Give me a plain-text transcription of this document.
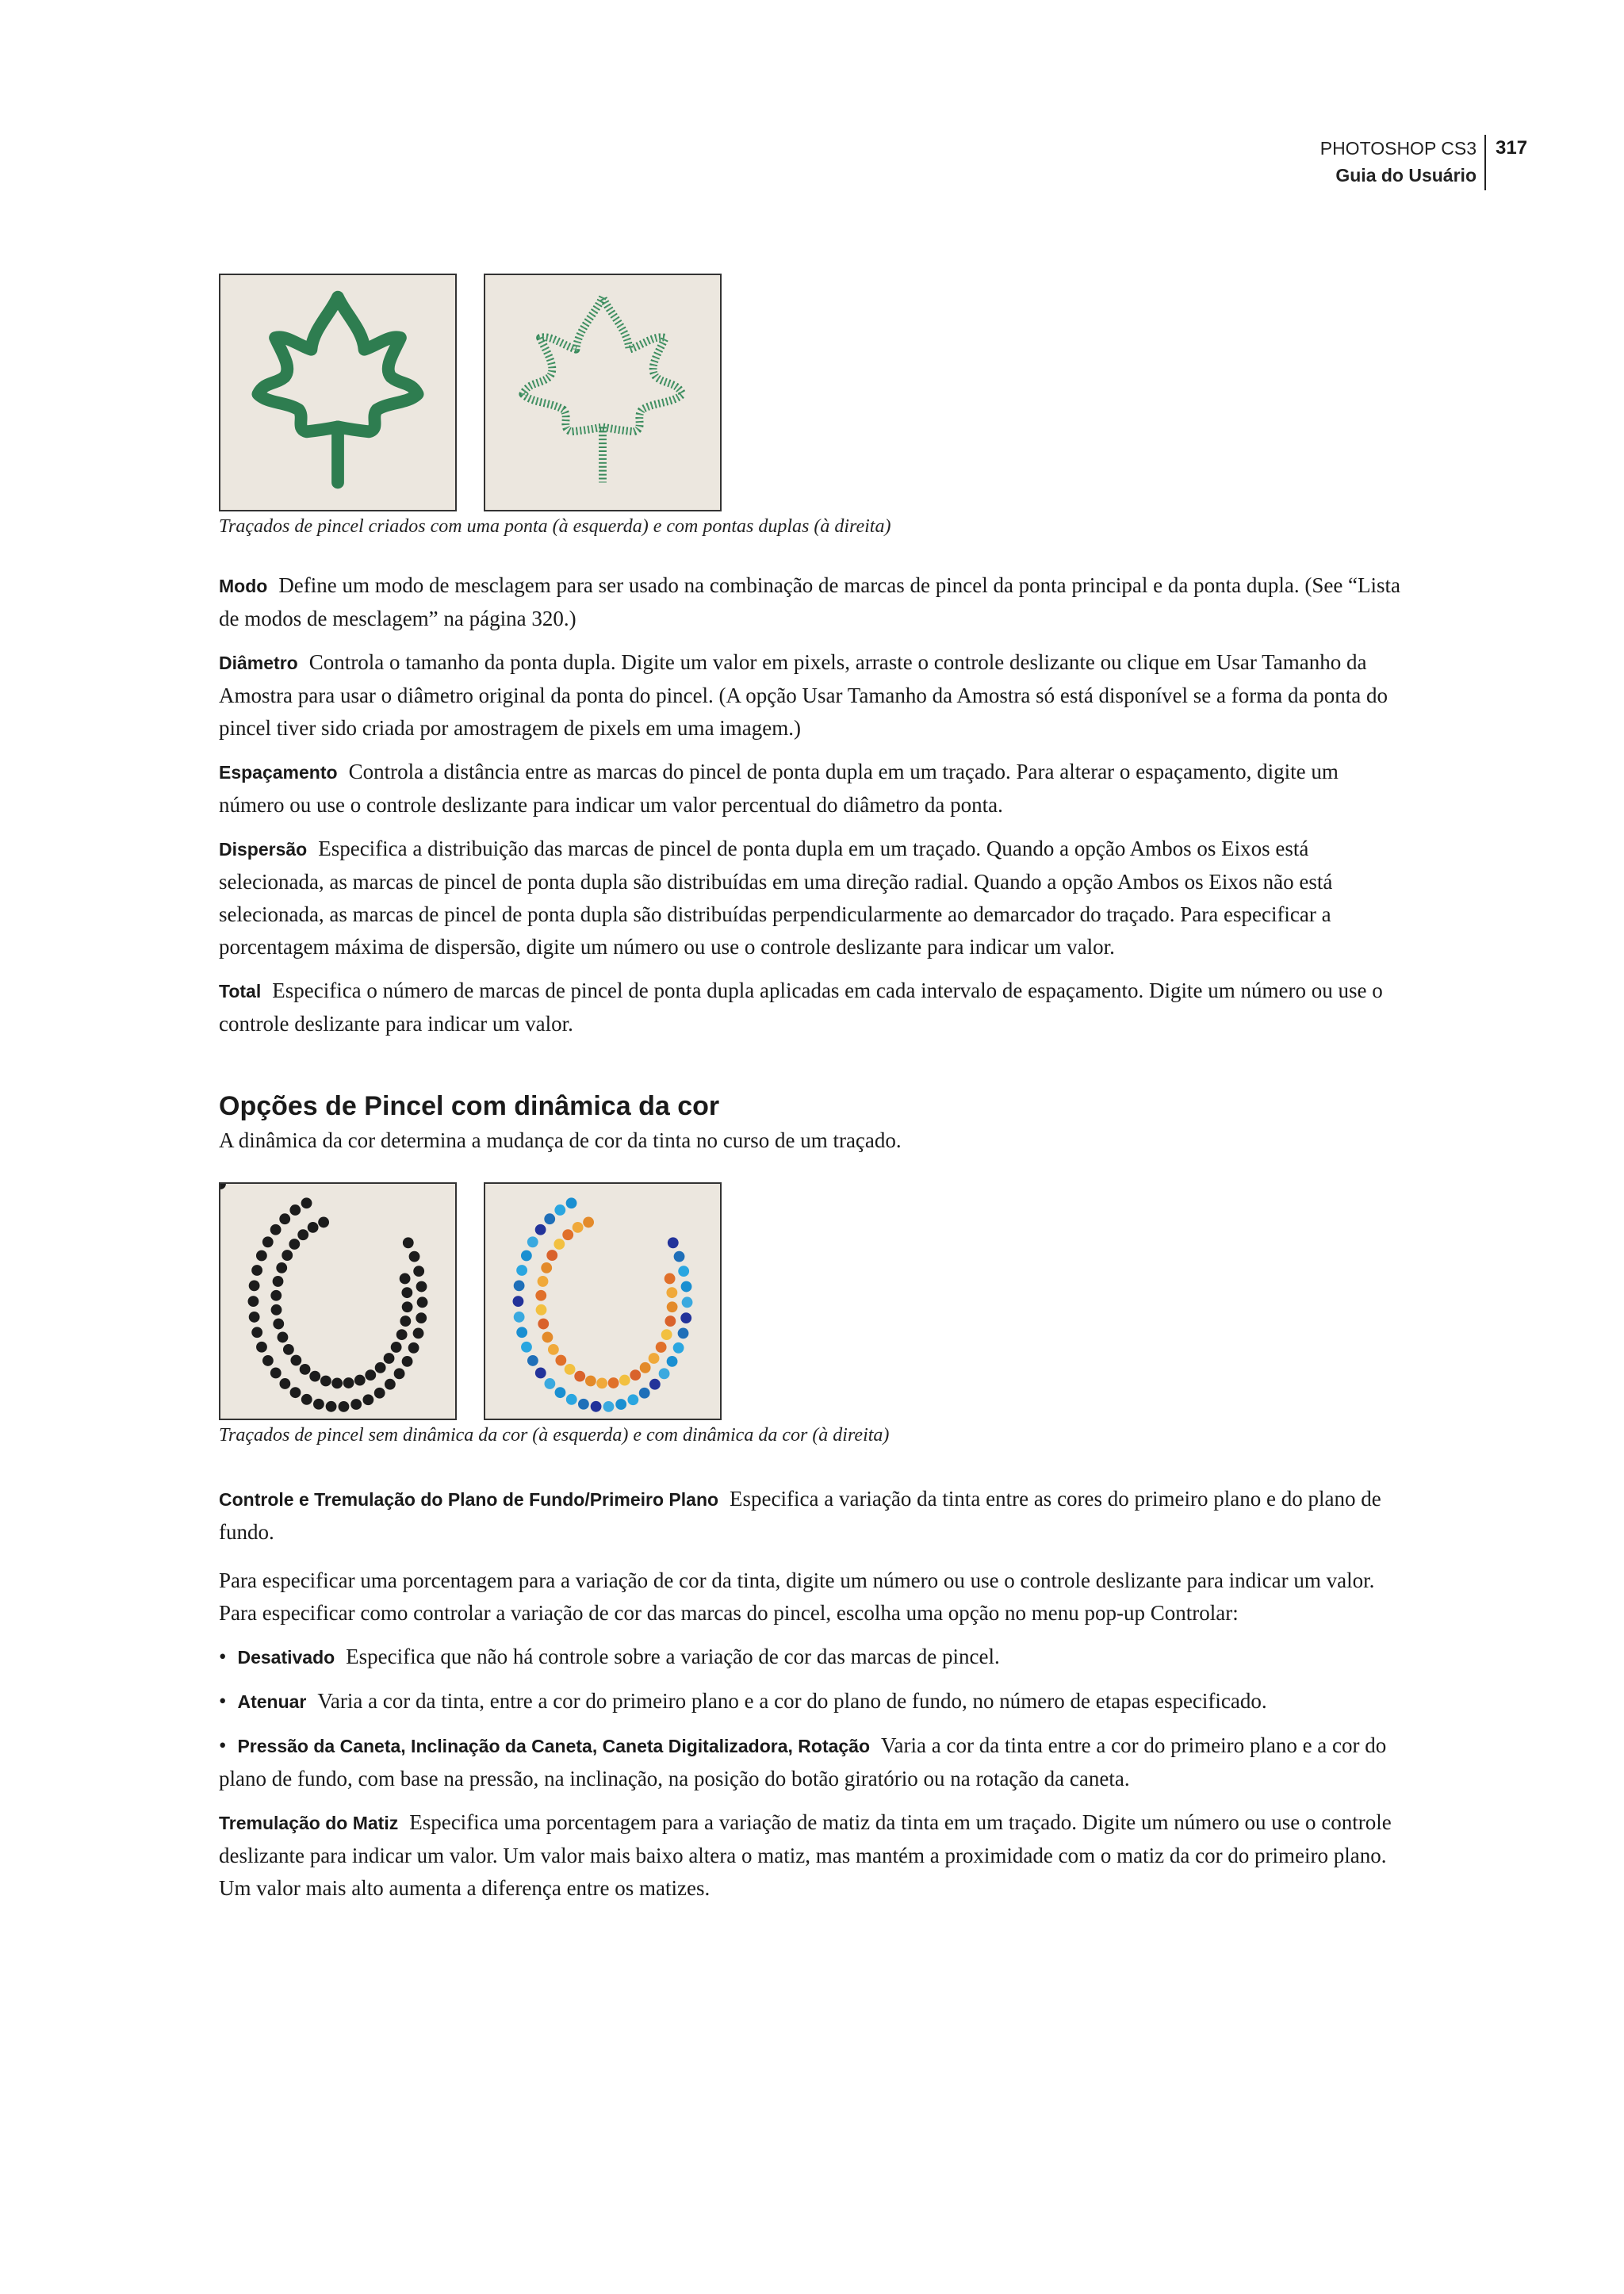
PHOTOSHOP CS3
Guia do Usuário
317
Traçados de pincel criados com uma ponta (à esquerda) e com pontas duplas (à direita)

Modo Define um modo de mesclagem para ser usado na combinação de marcas de pincel da ponta principal e da ponta dupla. (See “Lista de modos de mesclagem” na página 320.)

Diâmetro Controla o tamanho da ponta dupla. Digite um valor em pixels, arraste o controle deslizante ou clique em Usar Tamanho da Amostra para usar o diâmetro original da ponta do pincel. (A opção Usar Tamanho da Amostra só está disponível se a forma da ponta do pincel tiver sido criada por amostragem de pixels em uma imagem.)

Espaçamento Controla a distância entre as marcas do pincel de ponta dupla em um traçado. Para alterar o espaçamento, digite um número ou use o controle deslizante para indicar um valor percentual do diâmetro da ponta.

Dispersão Especifica a distribuição das marcas de pincel de ponta dupla em um traçado. Quando a opção Ambos os Eixos está selecionada, as marcas de pincel de ponta dupla são distribuídas em uma direção radial. Quando a opção Ambos os Eixos não está selecionada, as marcas de pincel de ponta dupla são distribuídas perpendicularmente ao demarcador do traçado. Para especificar a porcentagem máxima de dispersão, digite um número ou use o controle deslizante para indicar um valor.

Total Especifica o número de marcas de pincel de ponta dupla aplicadas em cada intervalo de espaçamento. Digite um número ou use o controle deslizante para indicar um valor.

Opções de Pincel com dinâmica da cor

A dinâmica da cor determina a mudança de cor da tinta no curso de um traçado.

Traçados de pincel sem dinâmica da cor (à esquerda) e com dinâmica da cor (à direita)

Controle e Tremulação do Plano de Fundo/Primeiro Plano Especifica a variação da tinta entre as cores do primeiro plano e do plano de fundo.

Para especificar uma porcentagem para a variação de cor da tinta, digite um número ou use o controle deslizante para indicar um valor. Para especificar como controlar a variação de cor das marcas do pincel, escolha uma opção no menu pop-up Controlar:

• Desativado Especifica que não há controle sobre a variação de cor das marcas de pincel.

• Atenuar Varia a cor da tinta, entre a cor do primeiro plano e a cor do plano de fundo, no número de etapas especificado.

• Pressão da Caneta, Inclinação da Caneta, Caneta Digitalizadora, Rotação Varia a cor da tinta entre a cor do primeiro plano e a cor do plano de fundo, com base na pressão, na inclinação, na posição do botão giratório ou na rotação da caneta.

Tremulação do Matiz Especifica uma porcentagem para a variação de matiz da tinta em um traçado. Digite um número ou use o controle deslizante para indicar um valor. Um valor mais baixo altera o matiz, mas mantém a proximidade com o matiz da cor do primeiro plano. Um valor mais alto aumenta a diferença entre os matizes.
